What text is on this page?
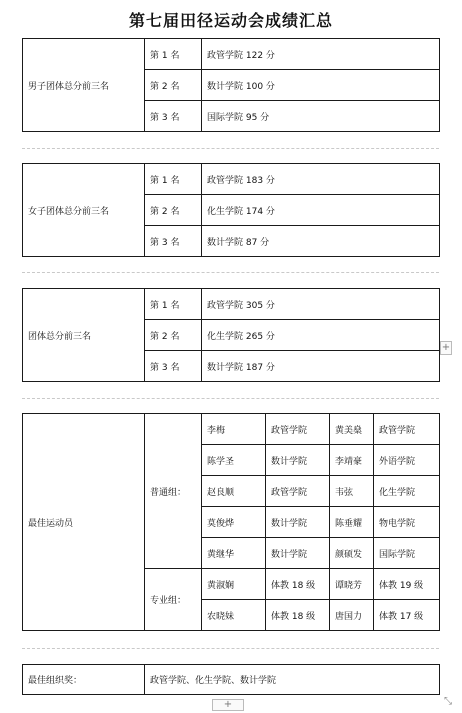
第七届田径运动会成绩汇总
男子团体总分前三名	第 1 名	政管学院 122 分
	第 2 名	数计学院 100 分
	第 3 名	国际学院 95 分
女子团体总分前三名	第 1 名	政管学院 183 分
	第 2 名	化生学院 174 分
	第 3 名	数计学院 87 分
团体总分前三名	第 1 名	政管学院 305 分
	第 2 名	化生学院 265 分
	第 3 名	数计学院 187 分
最佳运动员	普通组：	李梅	政管学院	黄美燊	政管学院
		陈学圣	数计学院	李靖豪	外语学院
		赵良顺	政管学院	韦弦	化生学院
		莫俊烨	数计学院	陈垂耀	物电学院
		黄继华	数计学院	颜硕发	国际学院
	专业组：	黄淑娴	体教 18 级	谭晓芳	体教 19 级
		农晓妹	体教 18 级	唐国力	体教 17 级
最佳组织奖：	政管学院、化生学院、数计学院
+
+	⤡
